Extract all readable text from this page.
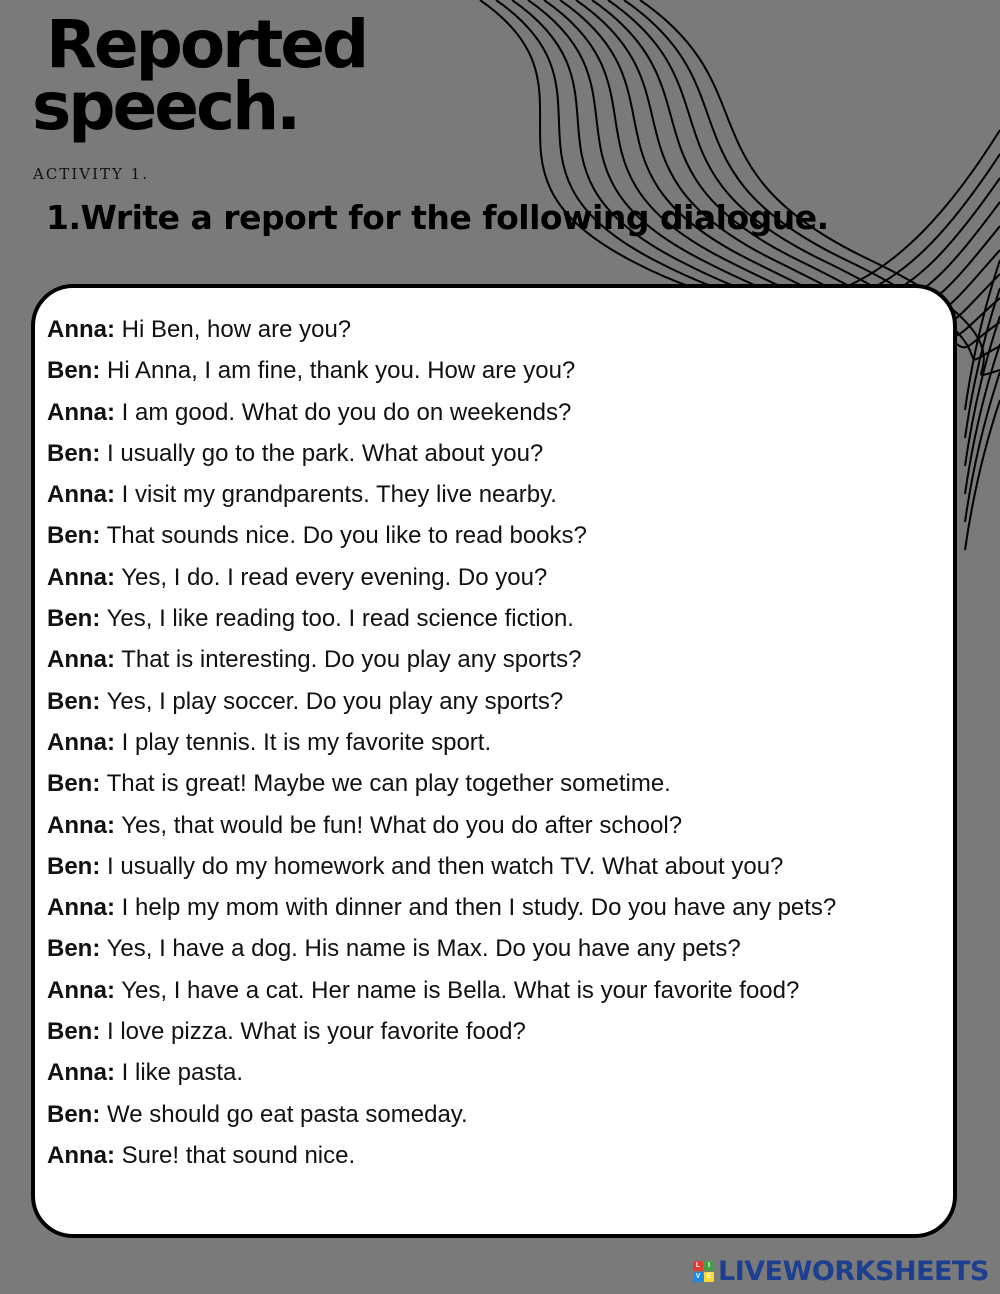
Reported
speech.
ACTIVITY 1.
1.Write a report for the following dialogue.
Anna: Hi Ben, how are you?
Ben: Hi Anna, I am fine, thank you. How are you?
Anna: I am good. What do you do on weekends?
Ben: I usually go to the park. What about you?
Anna: I visit my grandparents. They live nearby.
Ben: That sounds nice. Do you like to read books?
Anna: Yes, I do. I read every evening. Do you?
Ben: Yes, I like reading too. I read science fiction.
Anna: That is interesting. Do you play any sports?
Ben: Yes, I play soccer. Do you play any sports?
Anna: I play tennis. It is my favorite sport.
Ben: That is great! Maybe we can play together sometime.
Anna: Yes, that would be fun! What do you do after school?
Ben: I usually do my homework and then watch TV. What about you?
Anna: I help my mom with dinner and then I study. Do you have any pets?
Ben: Yes, I have a dog. His name is Max. Do you have any pets?
Anna: Yes, I have a cat. Her name is Bella. What is your favorite food?
Ben: I love pizza. What is your favorite food?
Anna: I like pasta.
Ben: We should go eat pasta someday.
Anna: Sure! that sound nice.
L	I
V E LIVEWORKSHEETS
